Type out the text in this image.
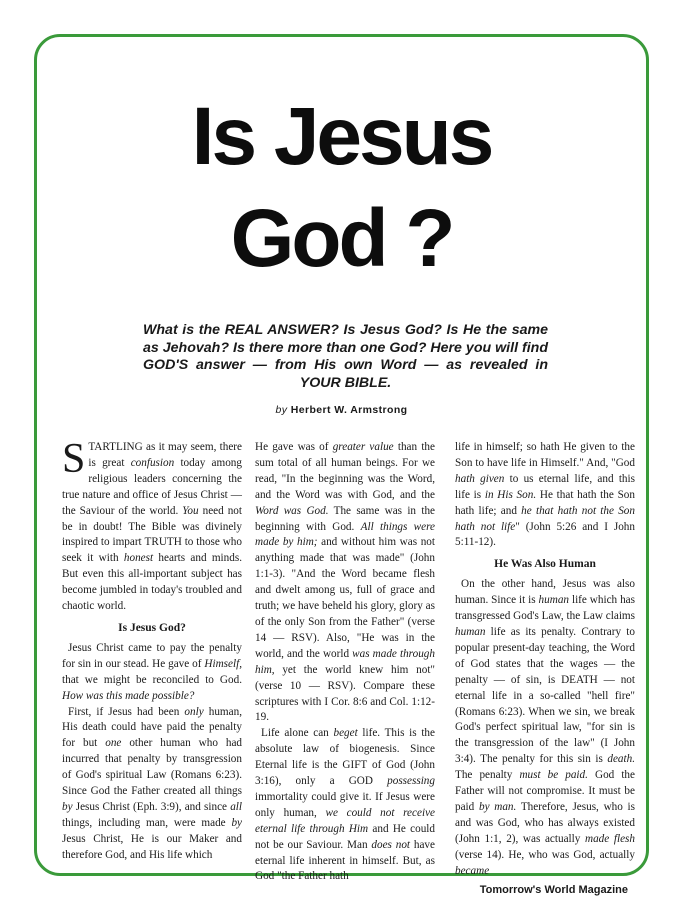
Is Jesus
God ?
What is the REAL ANSWER? Is Jesus God? Is He the same as Jehovah? Is there more than one God? Here you will find GOD'S answer — from His own Word — as revealed in YOUR BIBLE.
by Herbert W. Armstrong

STARTLING as it may seem, there is great confusion today among religious leaders concerning the true nature and office of Jesus Christ — the Saviour of the world. You need not be in doubt! The Bible was divinely inspired to impart TRUTH to those who seek it with honest hearts and minds. But even this all-important subject has become jumbled in today's troubled and chaotic world.

Is Jesus God?

Jesus Christ came to pay the penalty for sin in our stead. He gave of Himself, that we might be reconciled to God. How was this made possible?

First, if Jesus had been only human, His death could have paid the penalty for but one other human who had incurred that penalty by transgression of God's spiritual Law (Romans 6:23). Since God the Father created all things by Jesus Christ (Eph. 3:9), and since all things, including man, were made by Jesus Christ, He is our Maker and therefore God, and His life which

He gave was of greater value than the sum total of all human beings. For we read, "In the beginning was the Word, and the Word was with God, and the Word was God. The same was in the beginning with God. All things were made by him; and without him was not anything made that was made" (John 1:1-3). "And the Word became flesh and dwelt among us, full of grace and truth; we have beheld his glory, glory as of the only Son from the Father" (verse 14 — RSV). Also, "He was in the world, and the world was made through him, yet the world knew him not" (verse 10 — RSV). Compare these scriptures with I Cor. 8:6 and Col. 1:12-19.

Life alone can beget life. This is the absolute law of biogenesis. Since Eternal life is the GIFT of God (John 3:16), only a GOD possessing immortality could give it. If Jesus were only human, we could not receive eternal life through Him and He could not be our Saviour. Man does not have eternal life inherent in himself. But, as God "the Father hath

life in himself; so hath He given to the Son to have life in Himself." And, "God hath given to us eternal life, and this life is in His Son. He that hath the Son hath life; and he that hath not the Son hath not life" (John 5:26 and I John 5:11-12).

He Was Also Human

On the other hand, Jesus was also human. Since it is human life which has transgressed God's Law, the Law claims human life as its penalty. Contrary to popular present-day teaching, the Word of God states that the wages — the penalty — of sin, is DEATH — not eternal life in a so-called "hell fire" (Romans 6:23). When we sin, we break God's perfect spiritual law, "for sin is the transgression of the law" (I John 3:4). The penalty for this sin is death. The penalty must be paid. God the Father will not compromise. It must be paid by man. Therefore, Jesus, who is and was God, who has always existed (John 1:1, 2), was actually made flesh (verse 14). He, who was God, actually became

Tomorrow's World Magazine
